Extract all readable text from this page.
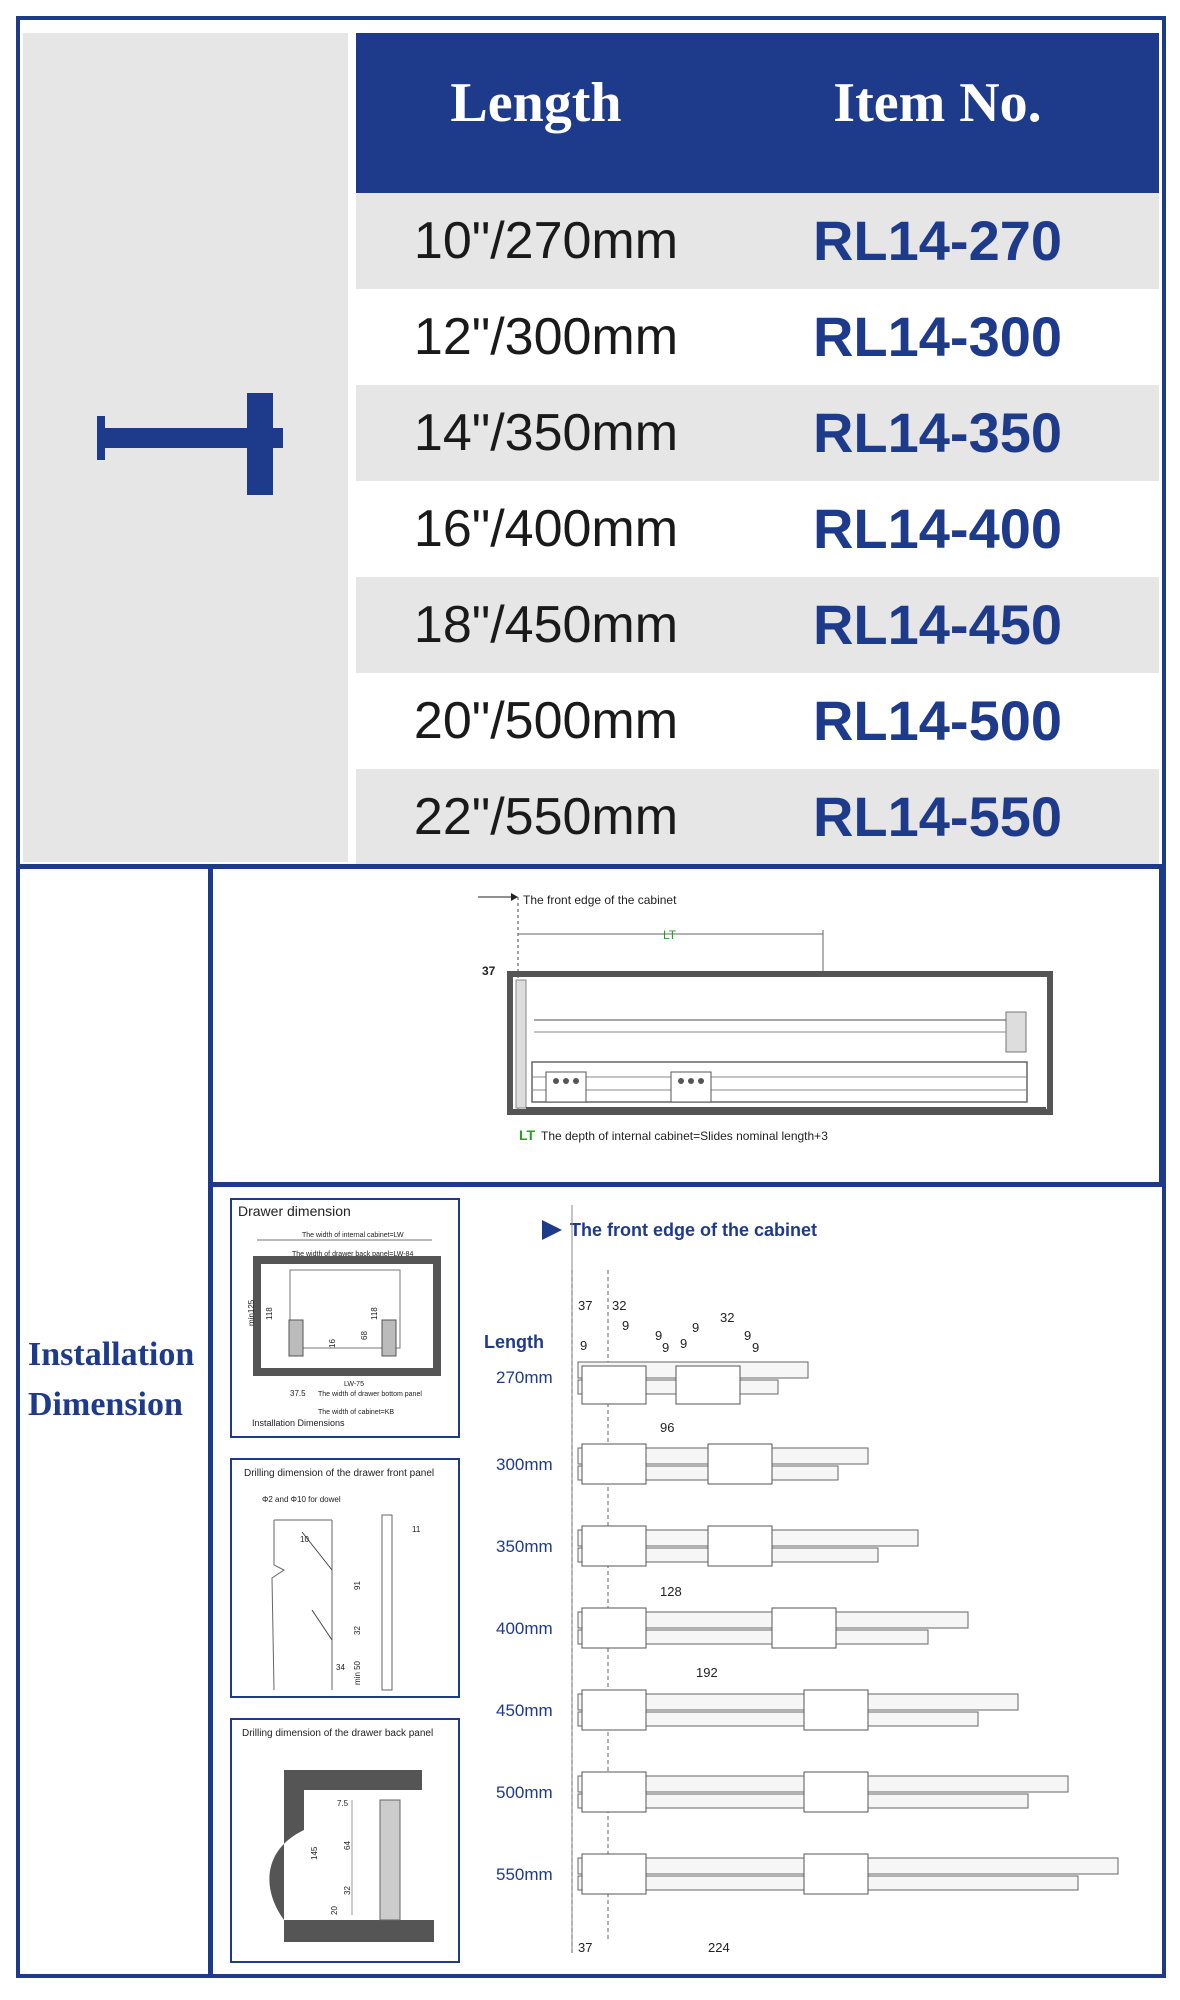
Length	Item No.
10"/270mm	RL14-270
12"/300mm	RL14-300
14"/350mm	RL14-350
16"/400mm	RL14-400
18"/450mm	RL14-450
20"/500mm	RL14-500
22"/550mm	RL14-550
Installation
Dimension
The front edge of the cabinet
LT
37
LT The depth of internal cabinet=Slides nominal length+3
Drawer dimension
The width of internal cabinet=LW
The width of drawer back panel=LW-84
min125 118
16
68
118
LW-75
37.5 The width of drawer bottom panel
The width of cabinet=KB
Installation Dimensions
Drilling dimension of the drawer front panel
Φ2 and Φ10 for dowel
10
11
91
32
min 50
34
Drilling dimension of the drawer back panel
7.5
64
145
32
20
The front edge of the cabinet
Length
270mm
300mm
350mm
400mm
450mm
500mm
550mm
37 32
9
9
9
9 9
32
9
9
9
96
128
192
37	224
